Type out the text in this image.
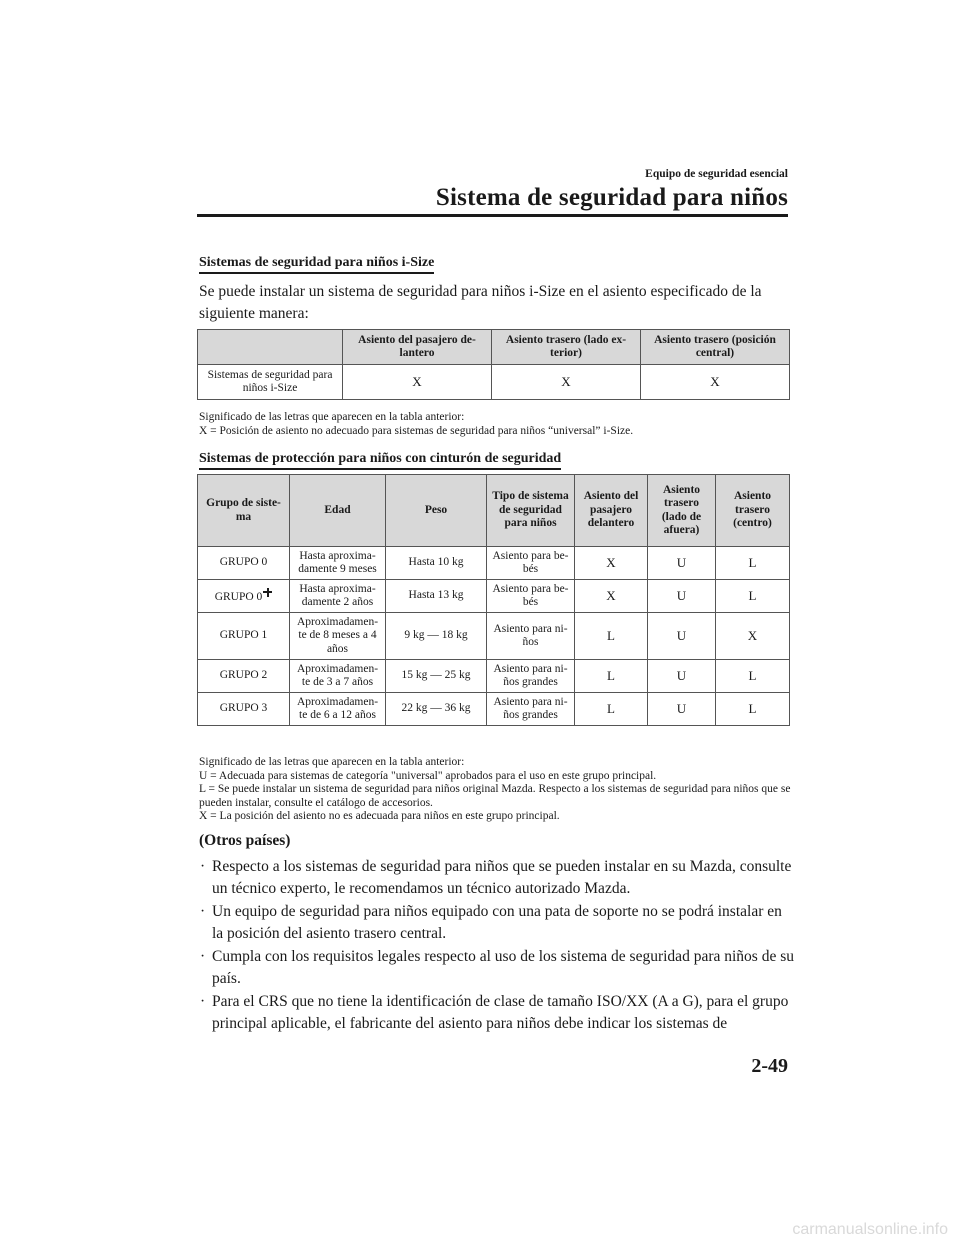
Equipo de seguridad esencial
Sistema de seguridad para niños
Sistemas de seguridad para niños i-Size
Se puede instalar un sistema de seguridad para niños i-Size en el asiento especificado de la siguiente manera:
	Asiento del pasajero de-lantero	Asiento trasero (lado ex-terior)	Asiento trasero (posición central)
Sistemas de seguridad para niños i-Size	X	X	X

Significado de las letras que aparecen en la tabla anterior:

X = Posición de asiento no adecuado para sistemas de seguridad para niños “universal” i-Size.

Sistemas de protección para niños con cinturón de seguridad
Grupo de siste-ma	Edad	Peso	Tipo de sistema de seguridad para niños	Asiento del pasajero delantero	Asiento trasero (lado de afuera)	Asiento trasero (centro)
GRUPO 0	Hasta aproxima-damente 9 meses	Hasta 10 kg	Asiento para be-bés	X	U	L
GRUPO 0	Hasta aproxima-damente 2 años	Hasta 13 kg	Asiento para be-bés	X	U	L
GRUPO 1	Aproximadamen-te de 8 meses a 4 años	9 kg ― 18 kg	Asiento para ni-ños	L	U	X
GRUPO 2	Aproximadamen-te de 3 a 7 años	15 kg ― 25 kg	Asiento para ni-ños grandes	L	U	L
GRUPO 3	Aproximadamen-te de 6 a 12 años	22 kg ― 36 kg	Asiento para ni-ños grandes	L	U	L

Significado de las letras que aparecen en la tabla anterior:

U = Adecuada para sistemas de categoría "universal" aprobados para el uso en este grupo principal.

L = Se puede instalar un sistema de seguridad para niños original Mazda. Respecto a los sistemas de seguridad para niños que se pueden instalar, consulte el catálogo de accesorios.

X = La posición del asiento no es adecuada para niños en este grupo principal.

(Otros países)
· Respecto a los sistemas de seguridad para niños que se pueden instalar en su Mazda, consulte un técnico experto, le recomendamos un técnico autorizado Mazda.
· Un equipo de seguridad para niños equipado con una pata de soporte no se podrá instalar en la posición del asiento trasero central.
· Cumpla con los requisitos legales respecto al uso de los sistema de seguridad para niños de su país.
· Para el CRS que no tiene la identificación de clase de tamaño ISO/XX (A a G), para el grupo principal aplicable, el fabricante del asiento para niños debe indicar los sistemas de
2-49
carmanualsonline.info
